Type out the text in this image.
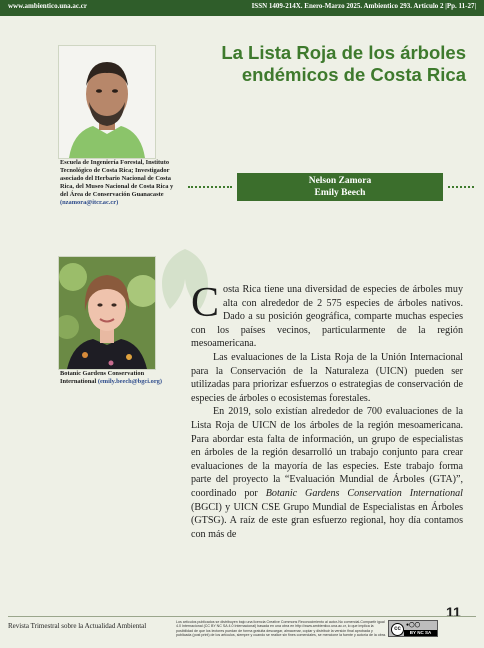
www.ambientico.una.ac.cr	ISSN 1409-214X. Enero-Marzo 2025. Ambientico 293. Artículo 2 |Pp. 11-27|
La Lista Roja de los árboles endémicos de Costa Rica
Escuela de Ingeniería Forestal, Instituto Tecnológico de Costa Rica; Investigador asociado del Herbario Nacional de Costa Rica, del Museo Nacional de Costa Rica y del Área de Conservación Guanacaste (nzamora@itcr.ac.cr)
Nelson Zamora
Emily Beech
Botanic Gardens Conservation International (emily.beech@bgci.org)

Costa Rica tiene una diversidad de especies de árboles muy alta con alrededor de 2 575 especies de árboles nativos. Dado a su posición geográfica, comparte muchas especies con los países vecinos, particularmente de la región mesoamericana.

Las evaluaciones de la Lista Roja de la Unión Internacional para la Conservación de la Naturaleza (UICN) pueden ser utilizadas para priorizar esfuerzos o estrategias de conservación de especies de árboles o ecosistemas forestales.

En 2019, solo existían alrededor de 700 evaluaciones de la Lista Roja de UICN de los árboles de la región mesoamericana. Para abordar esta falta de información, un grupo de especialistas en árboles de la región desarrolló un trabajo conjunto para crear evaluaciones de la mayoría de las especies. Este trabajo forma parte del proyecto la “Evaluación Mundial de Árboles (GTA)”, coordinado por Botanic Gardens Conservation International (BGCI) y UICN CSE Grupo Mundial de Especialistas en Árboles (GTSG). A raíz de este gran esfuerzo regional, hoy día contamos con más de

11
Revista Trimestral sobre la Actualidad Ambiental	Los artículos publicados se distribuyen bajo una licencia Creative Commons Reconocimiento al autor-No comercial-Compartir igual 4.0 Internacional (CC BY NC SA 4.0 Internacional) basada en una obra en http://www.ambientico.una.ac.cr, lo que implica la posibilidad de que los lectores puedan de forma gratuita descargar, almacenar, copiar y distribuir la versión final aprobada y publicada (post print) de los artículos, siempre y cuando se realice sin fines comerciales, se mencione la fuente y autoría de la obra.
cc
●◯◯
BY NC SA
